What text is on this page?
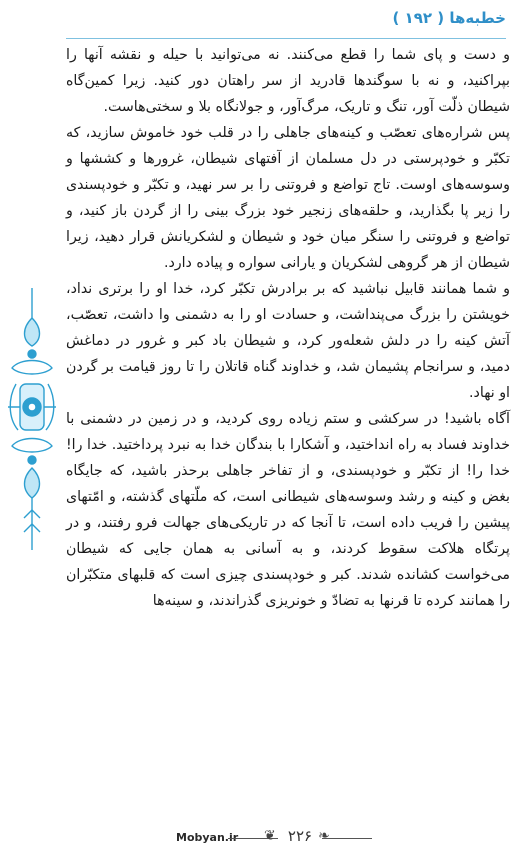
خطبه‌ها ( ۱۹۲ )

و دست و پای شما را قطع می‌کنند. نه می‌توانید با حیله و نقشه آنها را بپراکنید، و نه با سوگندها قادرید از سر راهتان دور کنید. زیرا کمین‌گاه شیطان ذلّت آور، تنگ و تاریک، مرگ‌آور، و جولانگاه بلا و سختی‌هاست.

پس شراره‌های تعصّب و کینه‌های جاهلی را در قلب خود خاموش سازید، که تکبّر و خودپرستی در دل مسلمان از آفتهای شیطان، غرورها و کششها و وسوسه‌های اوست. تاج تواضع و فروتنی را بر سر نهید، و تکبّر و خودپسندی را زیر پا بگذارید، و حلقه‌های زنجیر خود بزرگ بینی را از گردن باز کنید، و تواضع و فروتنی را سنگر میان خود و شیطان و لشکریانش قرار دهید، زیرا شیطان از هر گروهی لشکریان و یارانی سواره و پیاده دارد.

و شما همانند قابیل نباشید که بر برادرش تکبّر کرد، خدا او را برتری نداد، خویشتن را بزرگ می‌پنداشت، و حسادت او را به دشمنی وا داشت، تعصّب، آتش کینه را در دلش شعله‌ور کرد، و شیطان باد کبر و غرور در دماغش دمید، و سرانجام پشیمان شد، و خداوند گناه قاتلان را تا روز قیامت بر گردن او نهاد.

آگاه باشید! در سرکشی و ستم زیاده روی کردید، و در زمین در دشمنی با خداوند فساد به راه انداختید، و آشکارا با بندگان خدا به نبرد پرداختید. خدا را! خدا را! از تکبّر و خودپسندی، و از تفاخر جاهلی برحذر باشید، که جایگاه بغض و کینه و رشد وسوسه‌های شیطانی است، که ملّتهای گذشته، و امّتهای پیشین را فریب داده است، تا آنجا که در تاریکی‌های جهالت فرو رفتند، و در پرتگاه هلاکت سقوط کردند، و به آسانی به همان جایی که شیطان می‌خواست کشانده شدند. کبر و خودپسندی چیزی است که قلبهای متکبّران را همانند کرده تا قرنها به تضادّ و خونریزی گذراندند، و سینه‌ها

Mobyan.ir ❦ ۲۲۶ ❧
